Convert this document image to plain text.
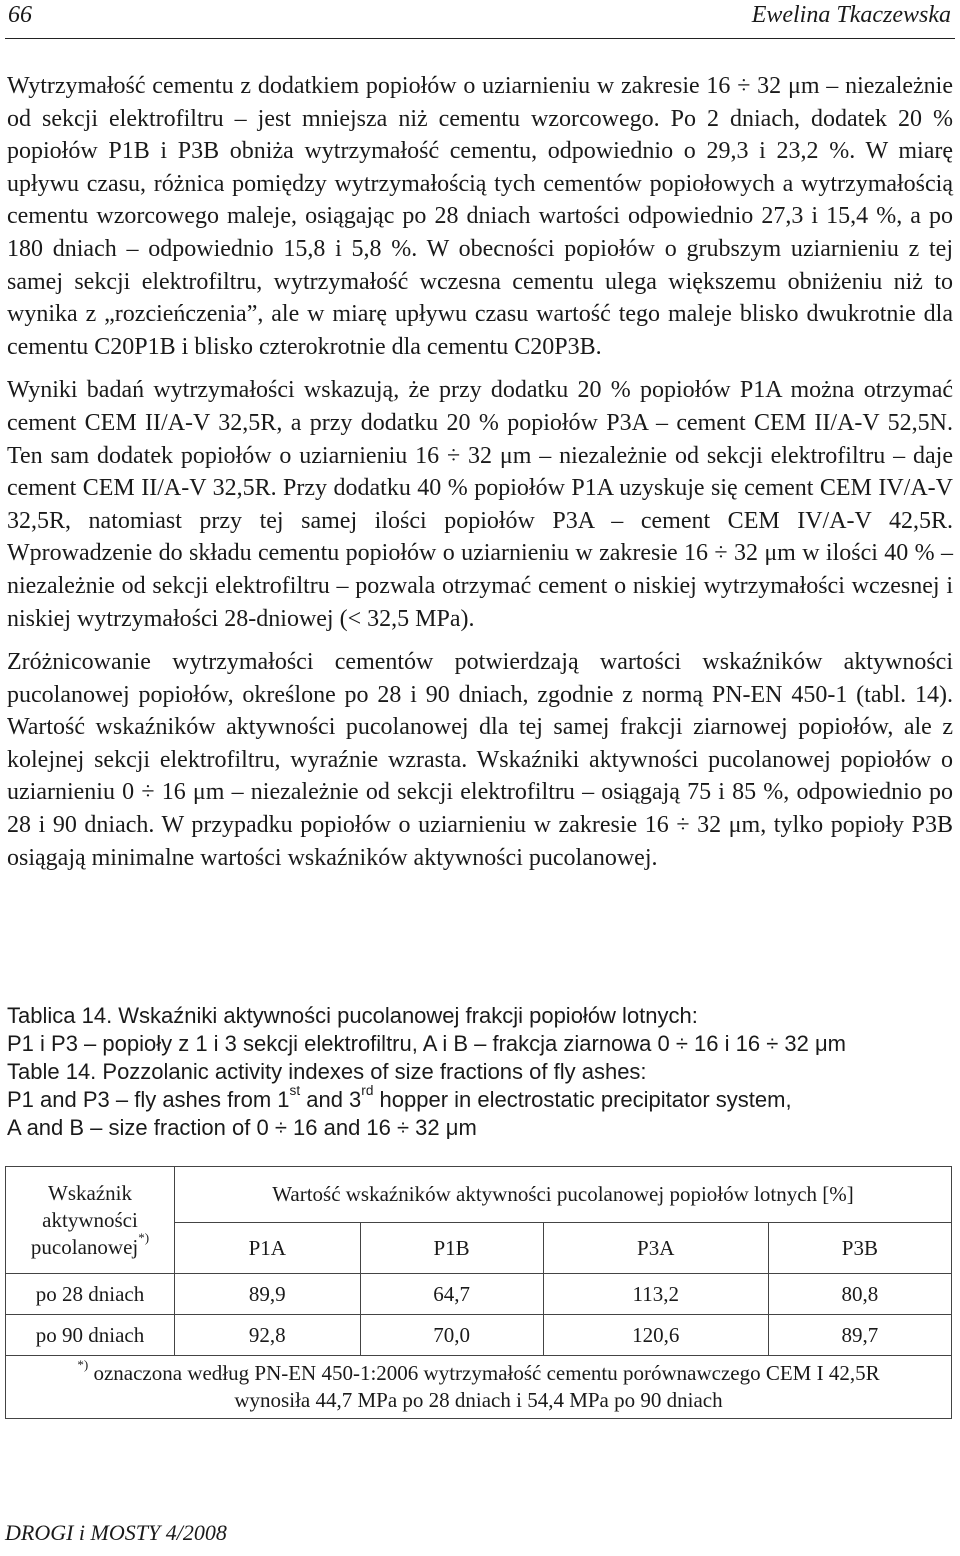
66	Ewelina Tkaczewska

Wytrzymałość cementu z dodatkiem popiołów o uziarnieniu w zakresie 16 ÷ 32 μm – niezależnie od sekcji elektrofiltru – jest mniejsza niż cementu wzorcowego. Po 2 dniach, dodatek 20 % popiołów P1B i P3B obniża wytrzymałość cementu, odpowiednio o 29,3 i 23,2 %. W miarę upływu czasu, różnica pomiędzy wytrzymałością tych cementów popiołowych a wytrzymałością cementu wzorcowego maleje, osiągając po 28 dniach wartości odpowiednio 27,3 i 15,4 %, a po 180 dniach – odpowiednio 15,8 i 5,8 %. W obecności popiołów o grubszym uziarnieniu z tej samej sekcji elektrofiltru, wytrzymałość wczesna cementu ulega większemu obniżeniu niż to wynika z „rozcieńczenia”, ale w miarę upływu czasu wartość tego maleje blisko dwukrotnie dla cementu C20P1B i blisko czterokrotnie dla cementu C20P3B.

Wyniki badań wytrzymałości wskazują, że przy dodatku 20 % popiołów P1A można otrzymać cement CEM II/A-V 32,5R, a przy dodatku 20 % popiołów P3A – cement CEM II/A-V 52,5N. Ten sam dodatek popiołów o uziarnieniu 16 ÷ 32 μm – niezależnie od sekcji elektrofiltru – daje cement CEM II/A-V 32,5R. Przy dodatku 40 % popiołów P1A uzyskuje się cement CEM IV/A-V 32,5R, natomiast przy tej samej ilości popiołów P3A – cement CEM IV/A-V 42,5R. Wprowadzenie do składu cementu popiołów o uziarnieniu w zakresie 16 ÷ 32 μm w ilości 40 % – niezależnie od sekcji elektrofiltru – pozwala otrzymać cement o niskiej wytrzymałości wczesnej i niskiej wytrzymałości 28-dniowej (< 32,5 MPa).

Zróżnicowanie wytrzymałości cementów potwierdzają wartości wskaźników aktywności pucolanowej popiołów, określone po 28 i 90 dniach, zgodnie z normą PN-EN 450-1 (tabl. 14). Wartość wskaźników aktywności pucolanowej dla tej samej frakcji ziarnowej popiołów, ale z kolejnej sekcji elektrofiltru, wyraźnie wzrasta. Wskaźniki aktywności pucolanowej popiołów o uziarnieniu 0 ÷ 16 μm – niezależnie od sekcji elektrofiltru – osiągają 75 i 85 %, odpowiednio po 28 i 90 dniach. W przypadku popiołów o uziarnieniu w zakresie 16 ÷ 32 μm, tylko popioły P3B osiągają minimalne wartości wskaźników aktywności pucolanowej.

Tablica 14. Wskaźniki aktywności pucolanowej frakcji popiołów lotnych:
P1 i P3 – popioły z 1 i 3 sekcji elektrofiltru, A i B – frakcja ziarnowa 0 ÷ 16 i 16 ÷ 32 μm
Table 14. Pozzolanic activity indexes of size fractions of fly ashes:
P1 and P3 – fly ashes from 1st and 3rd hopper in electrostatic precipitator system,
A and B – size fraction of 0 ÷ 16 and 16 ÷ 32 μm
Wskaźnik aktywności pucolanowej*)	Wartość wskaźników aktywności pucolanowej popiołów lotnych [%]			
	P1A	P1B	P3A	P3B
po 28 dniach	89,9	64,7	113,2	80,8
po 90 dniach	92,8	70,0	120,6	89,7
*) oznaczona według PN-EN 450-1:2006 wytrzymałość cementu porównawczego CEM I 42,5R
wynosiła 44,7 MPa po 28 dniach i 54,4 MPa po 90 dniach				
DROGI i MOSTY 4/2008
